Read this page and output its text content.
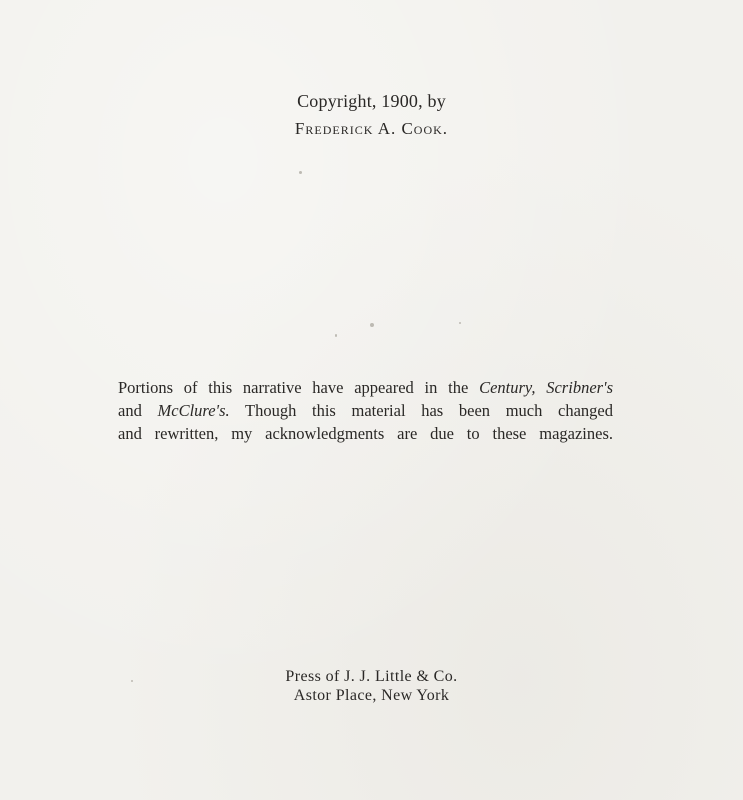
Copyright, 1900, by
Frederick A. Cook.

Portions of this narrative have appeared in the Century, Scribner's
and McClure's. Though this material has been much changed
and rewritten, my acknowledgments are due to these magazines.

Press of J. J. Little & Co.
Astor Place, New York
